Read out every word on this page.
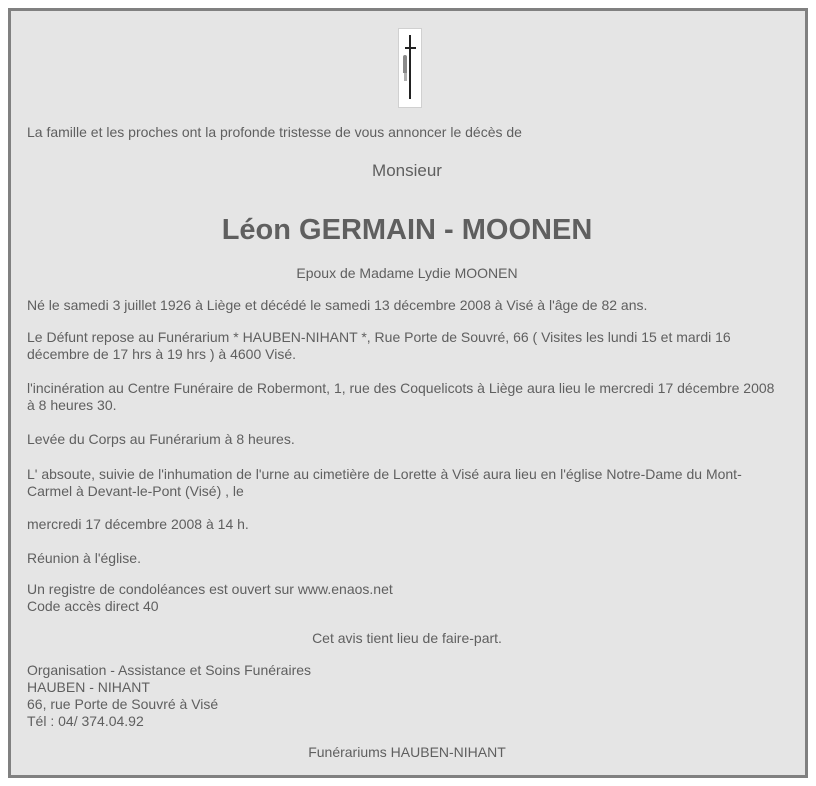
La famille et les proches ont la profonde tristesse de vous annoncer le décès de

Monsieur

Léon GERMAIN - MOONEN

Epoux de Madame Lydie MOONEN

Né le samedi 3 juillet 1926 à Liège et décédé le samedi 13 décembre 2008 à Visé à l'âge de 82 ans.

Le Défunt repose au Funérarium * HAUBEN-NIHANT *, Rue Porte de Souvré, 66 ( Visites les lundi 15 et mardi 16 décembre de 17 hrs à 19 hrs ) à 4600 Visé.

l'incinération au Centre Funéraire de Robermont, 1, rue des Coquelicots à Liège aura lieu le mercredi 17 décembre 2008 à 8 heures 30.

Levée du Corps au Funérarium à 8 heures.

L' absoute, suivie de l'inhumation de l'urne au cimetière de Lorette à Visé aura lieu en l'église Notre-Dame du Mont-Carmel à Devant-le-Pont (Visé) , le

mercredi 17 décembre 2008 à 14 h.

Réunion à l'église.

Un registre de condoléances est ouvert sur www.enaos.net
Code accès direct 40

Cet avis tient lieu de faire-part.

Organisation - Assistance et Soins Funéraires
HAUBEN - NIHANT
66, rue Porte de Souvré à Visé
Tél : 04/ 374.04.92

Funérariums HAUBEN-NIHANT
